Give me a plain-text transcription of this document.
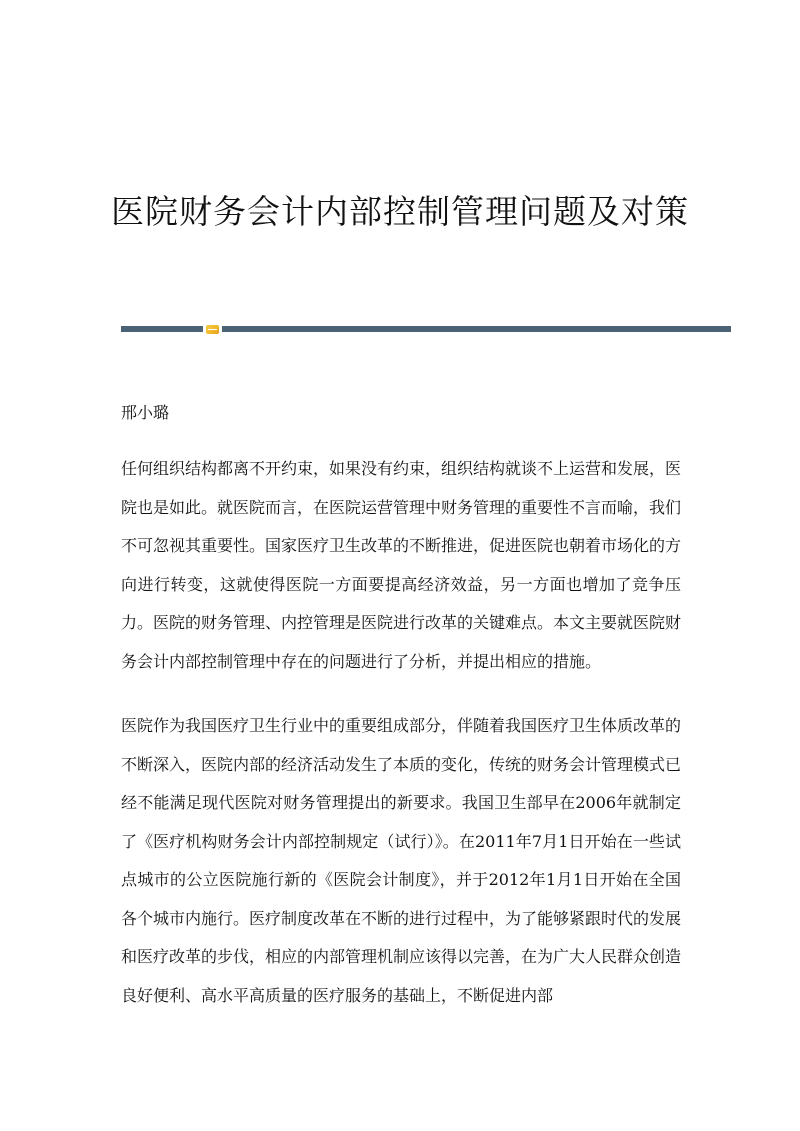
医院财务会计内部控制管理问题及对策

邢小璐

任何组织结构都离不开约束，如果没有约束，组织结构就谈不上运营和发展，医院也是如此。就医院而言，在医院运营管理中财务管理的重要性不言而喻，我们不可忽视其重要性。国家医疗卫生改革的不断推进，促进医院也朝着市场化的方向进行转变，这就使得医院一方面要提高经济效益，另一方面也增加了竞争压力。医院的财务管理、内控管理是医院进行改革的关键难点。本文主要就医院财务会计内部控制管理中存在的问题进行了分析，并提出相应的措施。

医院作为我国医疗卫生行业中的重要组成部分，伴随着我国医疗卫生体质改革的不断深入，医院内部的经济活动发生了本质的变化，传统的财务会计管理模式已经不能满足现代医院对财务管理提出的新要求。我国卫生部早在2006年就制定了《医疗机构财务会计内部控制规定（试行）》。在2011年7月1日开始在一些试点城市的公立医院施行新的《医院会计制度》，并于2012年1月1日开始在全国各个城市内施行。医疗制度改革在不断的进行过程中，为了能够紧跟时代的发展和医疗改革的步伐，相应的内部管理机制应该得以完善，在为广大人民群众创造良好便利、高水平高质量的医疗服务的基础上，不断促进内部
